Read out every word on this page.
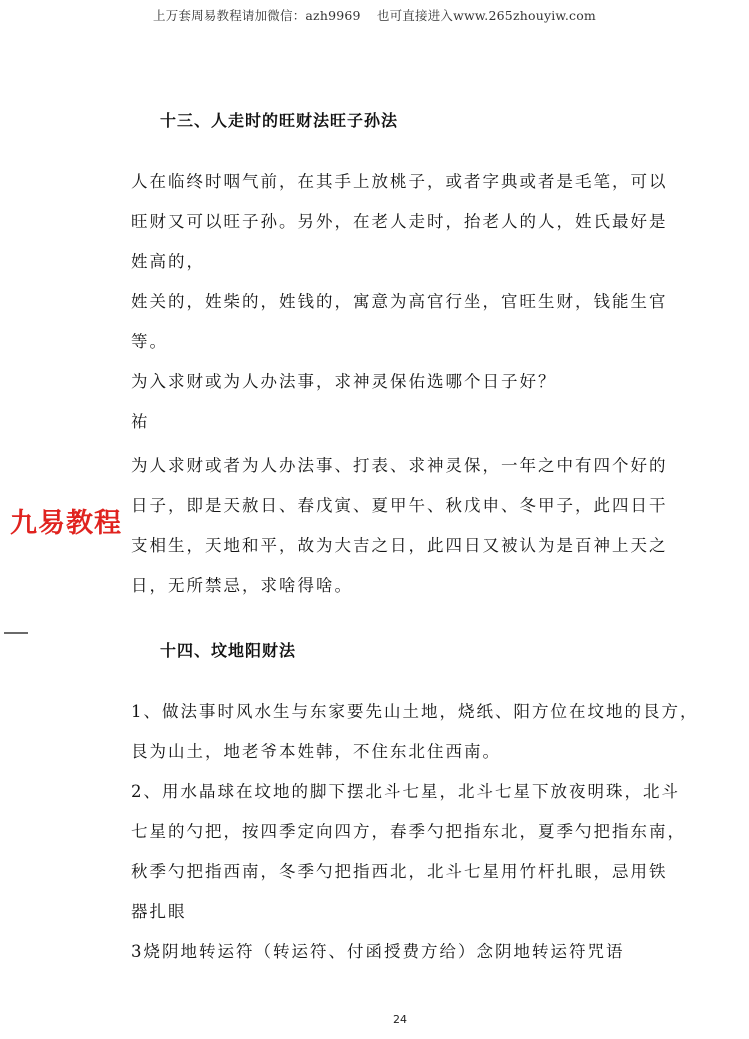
上万套周易教程请加微信：azh9969 也可直接进入www.265zhouyiw.com
十三、人走时的旺财法旺子孙法
人在临终时咽气前，在其手上放桃子，或者字典或者是毛笔，可以
旺财又可以旺子孙。另外，在老人走时，抬老人的人，姓氏最好是
姓高的，
姓关的，姓柴的，姓钱的，寓意为高官行坐，官旺生财，钱能生官
等。
为入求财或为人办法事，求神灵保佑选哪个日子好？
祐
为人求财或者为人办法事、打表、求神灵保，一年之中有四个好的
日子，即是天赦日、春戊寅、夏甲午、秋戊申、冬甲子，此四日干
支相生，天地和平，故为大吉之日，此四日又被认为是百神上天之
日，无所禁忌，求啥得啥。
九易教程
十四、坟地阳财法
1、做法事时风水生与东家要先山土地，烧纸、阳方位在坟地的艮方，
艮为山土，地老爷本姓韩，不住东北住西南。
2、用水晶球在坟地的脚下摆北斗七星，北斗七星下放夜明珠，北斗
七星的勺把，按四季定向四方，春季勺把指东北，夏季勺把指东南，
秋季勺把指西南，冬季勺把指西北，北斗七星用竹杆扎眼，忌用铁
器扎眼
3烧阴地转运符（转运符、付函授费方给）念阴地转运符咒语
24
